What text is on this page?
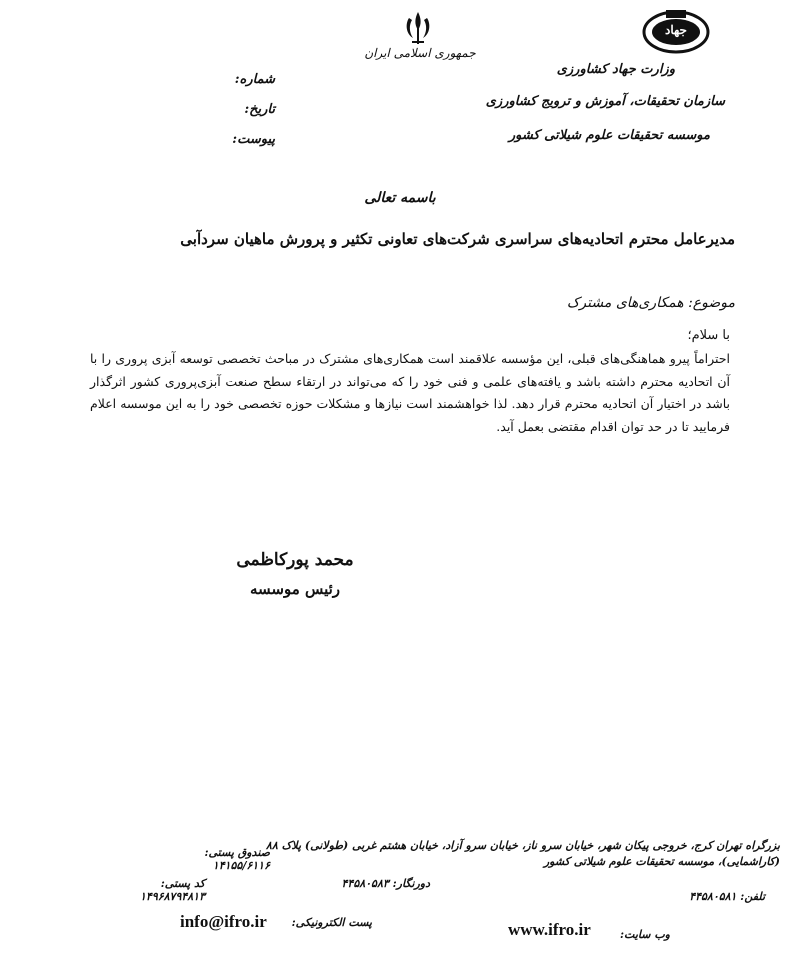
جمهوری اسلامی ایران
جهاد
شماره:
تاریخ:
پیوست:
وزارت جهاد کشاورزی
سازمان تحقیقات، آموزش و ترویج کشاورزی
موسسه تحقیقات علوم شیلاتی کشور
باسمه تعالی
مدیرعامل محترم اتحادیه‌های سراسری شرکت‌های تعاونی تکثیر و پرورش ماهیان سردآبی
موضوع: همکاری‌های مشترک
با سلام؛
احتراماً پیرو هماهنگی‌های قبلی، این مؤسسه علاقمند است همکاری‌های مشترک در مباحث تخصصی توسعه آبزی پروری را با آن اتحادیه محترم داشته باشد و یافته‌های علمی و فنی خود را که می‌تواند در ارتقاء سطح صنعت آبزی‌پروری کشور اثرگذار باشد در اختیار آن اتحادیه محترم قرار دهد. لذا خواهشمند است نیازها و مشکلات حوزه تخصصی خود را به این موسسه اعلام فرمایید تا در حد توان اقدام مقتضی بعمل آید.
محمد پورکاظمی
رئیس موسسه
بزرگراه تهران کرج، خروجی پیکان شهر، خیابان سرو ناز، خیابان سرو آزاد، خیابان هشتم غربی (طولانی) پلاک ۸۸ (کاراشمایی)، موسسه تحقیقات علوم شیلاتی کشور
صندوق پستی: ۱۴۱۵۵/۶۱۱۶
کد پستی: ۱۴۹۶۸۷۹۴۸۱۳
دورنگار: ۴۴۵۸۰۵۸۳
تلفن: ۴۴۵۸۰۵۸۱
پست الکترونیکی:
info@ifro.ir
وب سایت:
www.ifro.ir
